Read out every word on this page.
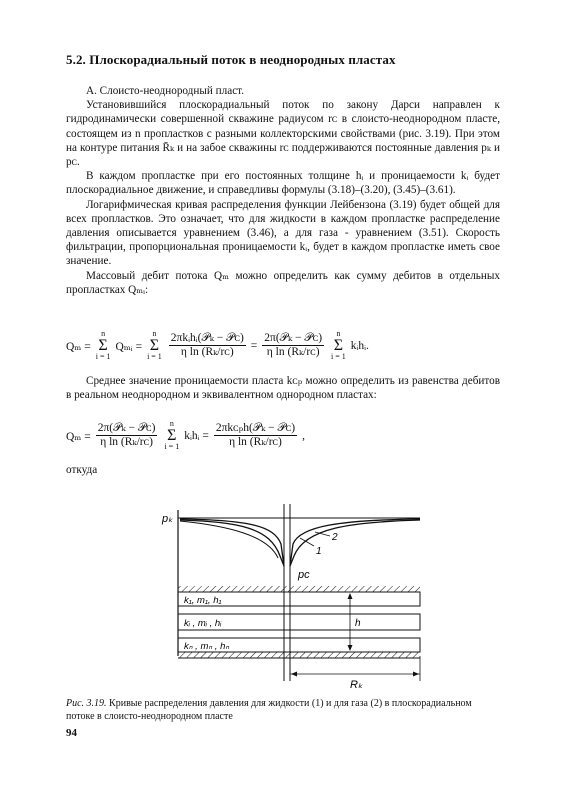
5.2. Плоскорадиальный поток в неоднородных пластах

А. Слоисто-неоднородный пласт.

Установившийся плоскорадиальный поток по закону Дарси направлен к гидродинамически совершенной скважине радиусом rᴄ в слоисто-неоднородном пласте, состоящем из n пропластков с разными коллекторскими свойствами (рис. 3.19). При этом на контуре питания R̄ₖ и на забое скважины rᴄ поддерживаются постоянные давления pₖ и pᴄ.

В каждом пропластке при его постоянных толщине hᵢ и проницаемости kᵢ будет плоскорадиальное движение, и справедливы формулы (3.18)–(3.20), (3.45)–(3.61).

Логарифмическая кривая распределения функции Лейбензона (3.19) будет общей для всех пропластков. Это означает, что для жидкости в каждом пропластке распределение давления описывается уравнением (3.46), а для газа - уравнением (3.51). Скорость фильтрации, пропорциональная проницаемости kᵢ, будет в каждом пропластке иметь свое значение.

Массовый дебит потока Qₘ можно определить как сумму дебитов в отдельных пропластках Qₘᵢ:

Qₘ =
n
Σ
i = 1
Qₘᵢ =
n
Σ
$i = 1 \frac{\text{2πkᵢhᵢ(𝒫ₖ − 𝒫ᴄ)}}{\text{η ln (Rₖ/rᴄ)}} = \frac{\text{2π(𝒫ₖ − 𝒫ᴄ)}}{\text{η ln (Rₖ/rᴄ)}}$ n
Σ
i = 1
kᵢhᵢ.

Среднее значение проницаемости пласта kᴄₚ можно определить из равенства дебитов в реальном неоднородном и эквивалентном однородном пластах:

$Q_m = \frac{\text{2π(𝒫ₖ − 𝒫ᴄ)}}{\text{η ln (Rₖ/rᴄ)}}$ n
Σ
i = 1
kᵢhᵢ = $\frac{\text{2πkᴄₚh(𝒫ₖ − 𝒫ᴄ)}}{\text{η ln (Rₖ/rᴄ)}}$ ,
откуда
pₖ
pᴄ
1
2
k₁, m₁, h₁
kᵢ , mᵢ , hᵢ
kₙ , mₙ , hₙ
h
Rₖ
Рис. 3.19. Кривые распределения давления для жидкости (1) и для газа (2) в плоскорадиальном потоке в слоисто-неоднородном пласте
94
